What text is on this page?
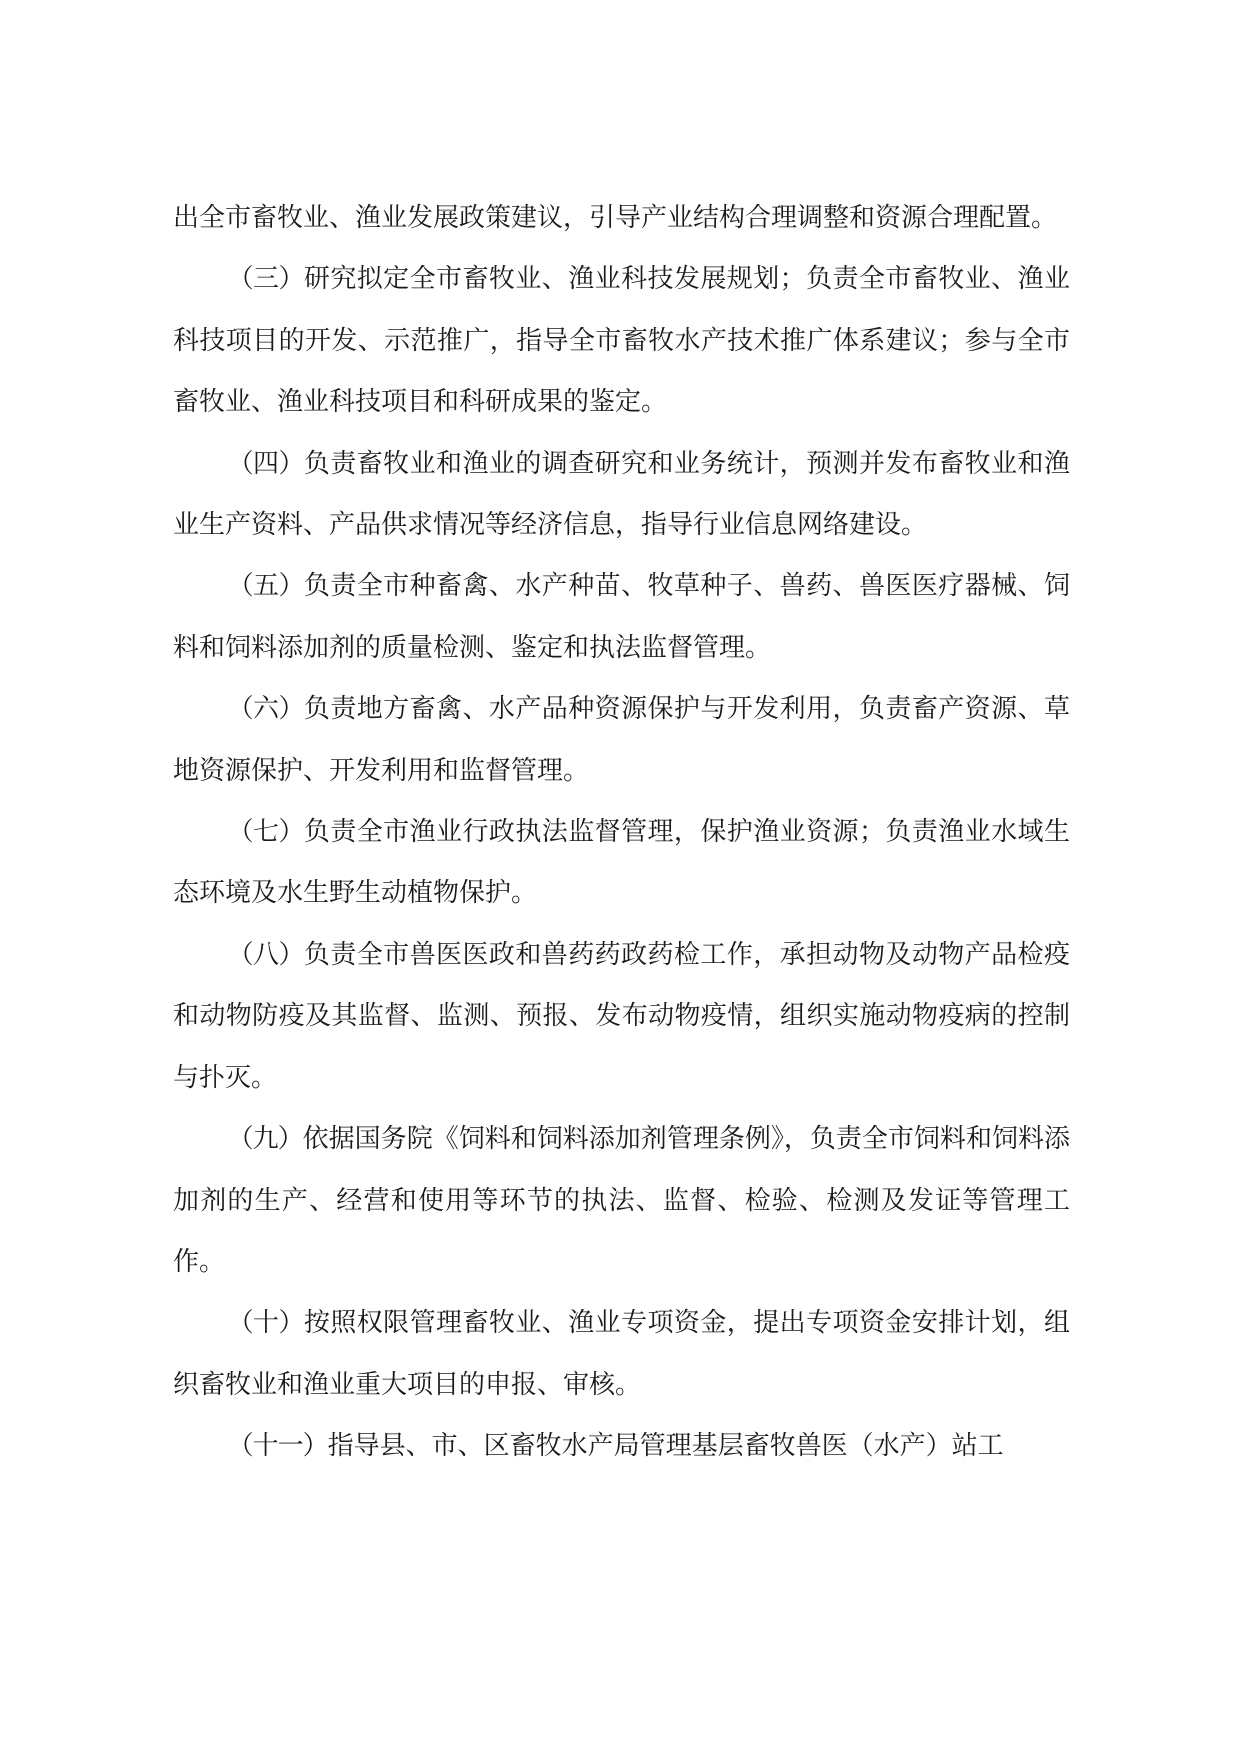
出全市畜牧业、渔业发展政策建议，引导产业结构合理调整和资源合理配置。

（三）研究拟定全市畜牧业、渔业科技发展规划；负责全市畜牧业、渔业科技项目的开发、示范推广，指导全市畜牧水产技术推广体系建议；参与全市畜牧业、渔业科技项目和科研成果的鉴定。

（四）负责畜牧业和渔业的调查研究和业务统计，预测并发布畜牧业和渔业生产资料、产品供求情况等经济信息，指导行业信息网络建设。

（五）负责全市种畜禽、水产种苗、牧草种子、兽药、兽医医疗器械、饲料和饲料添加剂的质量检测、鉴定和执法监督管理。

（六）负责地方畜禽、水产品种资源保护与开发利用，负责畜产资源、草地资源保护、开发利用和监督管理。

（七）负责全市渔业行政执法监督管理，保护渔业资源；负责渔业水域生态环境及水生野生动植物保护。

（八）负责全市兽医医政和兽药药政药检工作，承担动物及动物产品检疫和动物防疫及其监督、监测、预报、发布动物疫情，组织实施动物疫病的控制与扑灭。

（九）依据国务院《饲料和饲料添加剂管理条例》，负责全市饲料和饲料添加剂的生产、经营和使用等环节的执法、监督、检验、检测及发证等管理工作。

（十）按照权限管理畜牧业、渔业专项资金，提出专项资金安排计划，组织畜牧业和渔业重大项目的申报、审核。

（十一）指导县、市、区畜牧水产局管理基层畜牧兽医（水产）站工
